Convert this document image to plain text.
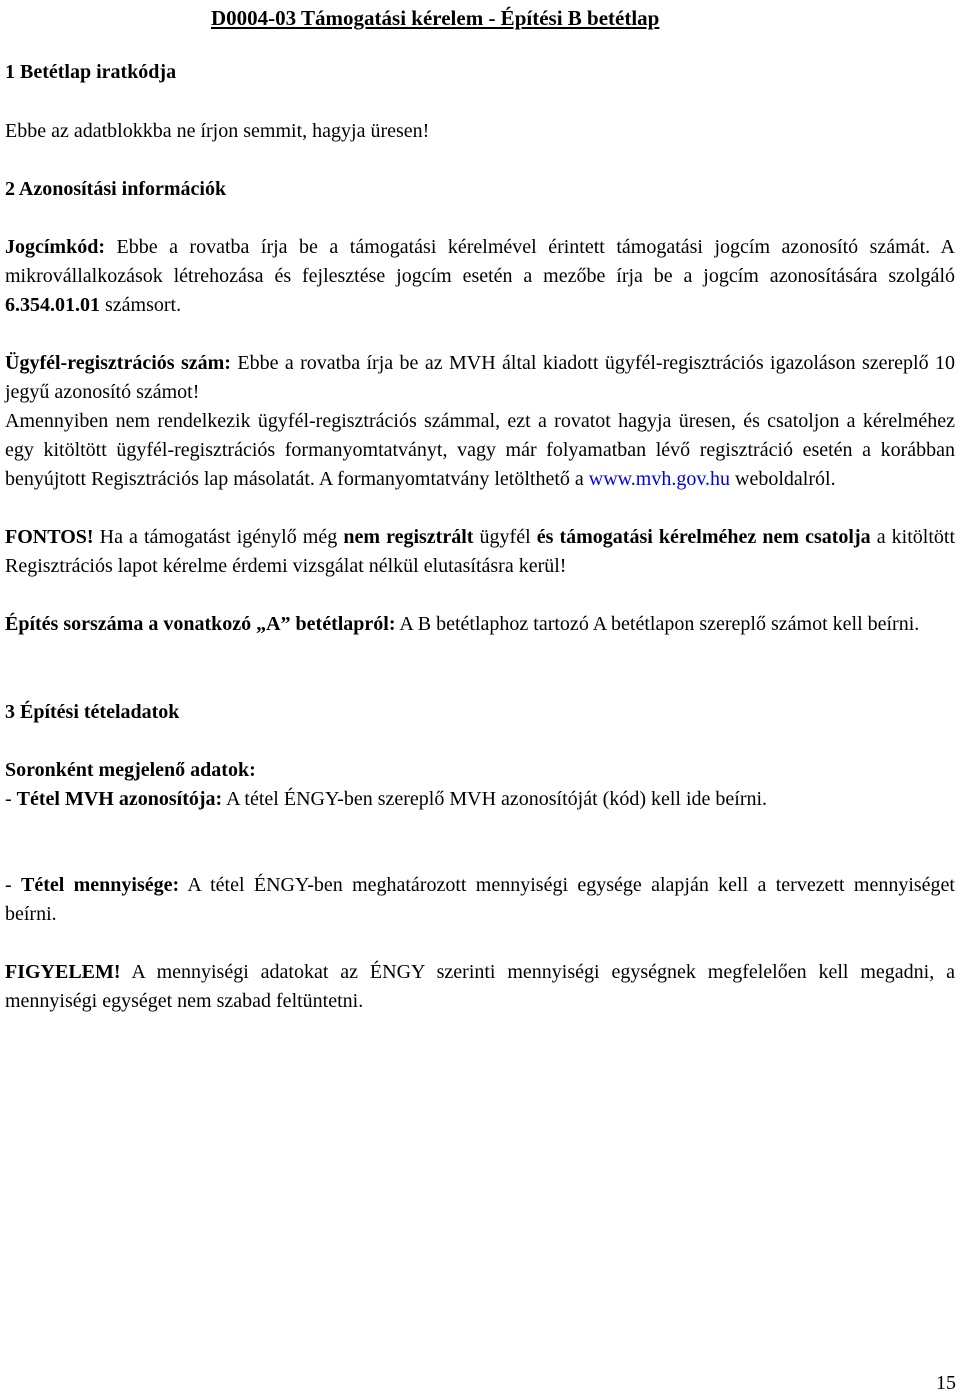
D0004-03 Támogatási kérelem - Építési B betétlap

1 Betétlap iratkódja

Ebbe az adatblokkba ne írjon semmit, hagyja üresen!

2 Azonosítási információk

Jogcímkód: Ebbe a rovatba írja be a támogatási kérelmével érintett támogatási jogcím azonosító számát. A mikrovállalkozások létrehozása és fejlesztése jogcím esetén a mezőbe írja be a jogcím azonosítására szolgáló 6.354.01.01 számsort.

Ügyfél-regisztrációs szám: Ebbe a rovatba írja be az MVH által kiadott ügyfél-regisztrációs igazoláson szereplő 10 jegyű azonosító számot!

Amennyiben nem rendelkezik ügyfél-regisztrációs számmal, ezt a rovatot hagyja üresen, és csatoljon a kérelméhez egy kitöltött ügyfél-regisztrációs formanyomtatványt, vagy már folyamatban lévő regisztráció esetén a korábban benyújtott Regisztrációs lap másolatát. A formanyomtatvány letölthető a www.mvh.gov.hu weboldalról.

FONTOS! Ha a támogatást igénylő még nem regisztrált ügyfél és támogatási kérelméhez nem csatolja a kitöltött Regisztrációs lapot kérelme érdemi vizsgálat nélkül elutasításra kerül!

Építés sorszáma a vonatkozó „A” betétlapról: A B betétlaphoz tartozó A betétlapon szereplő számot kell beírni.

3 Építési tételadatok

Soronként megjelenő adatok:

- Tétel MVH azonosítója: A tétel ÉNGY-ben szereplő MVH azonosítóját (kód) kell ide beírni.

- Tétel mennyisége: A tétel ÉNGY-ben meghatározott mennyiségi egysége alapján kell a tervezett mennyiséget beírni.

FIGYELEM! A mennyiségi adatokat az ÉNGY szerinti mennyiségi egységnek megfelelően kell megadni, a mennyiségi egységet nem szabad feltüntetni.

15
